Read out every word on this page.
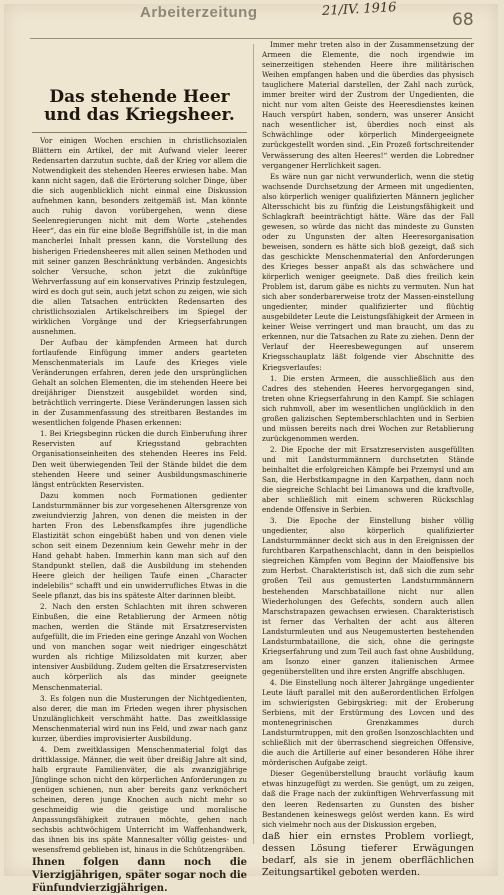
Arbeiterzeitung	21/IV. 1916
68
Das stehende Heer und das Kriegsheer.

Vor einigen Wochen erschien in christlichsozialen Blättern ein Artikel, der mit Aufwand vieler leerer Redensarten darzutun suchte, daß der Krieg vor allem die Notwendigkeit des stehenden Heeres erwiesen habe. Man kann nicht sagen, daß die Erörterung solcher Dinge, über die sich augenblicklich nicht einmal eine Diskussion aufnehmen kann, besonders zeitgemäß ist. Man könnte auch ruhig davon vorübergehen, wenn diese Seelenregierungen nicht mit dem Worte „stehendes Heer“, das ein für eine bloße Begriffshülle ist, in die man mancherlei Inhalt pressen kann, die Vorstellung des bisherigen Friedensheeres mit allen seinen Methoden und mit seiner ganzen Beschränktung verbänden. Angesichts solcher Versuche, schon jetzt die zukünftige Wehrverfassung auf ein konservatives Prinzip festzulegen, wird es doch gut sein, auch jetzt schon zu zeigen, wie sich die allen Tatsachen entrückten Redensarten des christlichsozialen Artikelschreibers im Spiegel der wirklichen Vorgänge und der Kriegserfahrungen ausnehmen.

Der Aufbau der kämpfenden Armeen hat durch fortlaufende Einfügung immer anders gearteten Menschenmaterials im Laufe des Krieges viele Veränderungen erfahren, deren jede den ursprünglichen Gehalt an solchen Elementen, die im stehenden Heere bei dreijähriger Dienstzeit ausgebildet worden sind, beträchtlich verringerte. Diese Veränderungen lassen sich in der Zusammenfassung des streitbaren Bestandes im wesentlichen folgende Phasen erkennen:

1. Bei Kriegsbeginn rücken die durch Einberufung ihrer Reservisten auf Kriegsstand gebrachten Organisationseinheiten des stehenden Heeres ins Feld. Den weit überwiegenden Teil der Stände bildet die dem stehenden Heere und seiner Ausbildungsmaschinerie längst entrückten Reservisten.

Dazu kommen noch Formationen gedienter Landsturmmänner bis zur vorgesehenen Altersgrenze von zweiundvierzig Jahren, von denen die meisten in der harten Fron des Lebensfkampfes ihre jugendliche Elastizität schon eingebüßt haben und von denen viele schon seit einem Dezennium kein Gewehr mehr in der Hand gehabt haben. Immerhin kann man sich auf den Standpunkt stellen, daß die Ausbildung im stehenden Heere gleich der heiligen Taufe einen „Character indelebilis“ schafft und ein unwiderrufliches Etwas in die Seele pflanzt, das bis ins späteste Alter darinnen bleibt.

2. Nach den ersten Schlachten mit ihren schweren Einbußen, die eine Retablierung der Armeen nötig machen, werden die Stände mit Ersatzreservisten aufgefüllt, die im Frieden eine geringe Anzahl von Wochen und von manchen sogar weit niedriger eingeschätzt wurden als richtige Milizsoldaten mit kurzer, aber intensiver Ausbildung. Zudem gelten die Ersatzreservisten auch körperlich als das minder geeignete Menschenmaterial.

3. Es folgen nun die Musterungen der Nichtgedienten, also derer, die man im Frieden wegen ihrer physischen Unzulänglichkeit verschmäht hatte. Das zweitklassige Menschenmaterial wird nun ins Feld, und zwar nach ganz kurzer, überdies improvisierter Ausbildung.

4. Dem zweitklassigen Menschenmaterial folgt das drittklassige. Männer, die weit über dreißig Jahre alt sind, halb ergraute Familienväter, die als zwanzigjährige Jünglinge schon nicht den körperlichen Anforderungen zu genügen schienen, nun aber bereits ganz verknöchert scheinen, deren junge Knochen auch nicht mehr so geschmeidig wie die geistige und moralische Anpassungsfähigkeit zutrauen möchte, gehen nach sechsbis achtwöchigem Unterricht im Waffenhandwerk, das ihnen bis ins späte Mannesalter völlig geistes- und wesensfremd geblieben ist, hinaus in die Schützengräben.

Ihnen folgen dann noch die Vierzigjährigen, später sogar noch die Fünfundvierzigjährigen.

Immer mehr treten also in der Zusammensetzung der Armeen die Elemente, die noch irgendwie im seinerzeitigen stehenden Heere ihre militärischen Weihen empfangen haben und die überdies das physisch tauglichere Material darstellen, der Zahl nach zurück, immer breiter wird der Zustrom der Ungedienten, die nicht nur vom alten Geiste des Heeresdienstes keinen Hauch verspürt haben, sondern, was unserer Ansicht nach wesentlicher ist, überdies noch einst als Schwächlinge oder körperlich Mindergeeignete zurückgestellt worden sind. „Ein Prozeß fortschreitender Verwässerung des alten Heeres!“ werden die Lobredner vergangener Herrlichkeit sagen.

Es wäre nun gar nicht verwunderlich, wenn die stetig wachsende Durchsetzung der Armeen mit ungedienten, also körperlich weniger qualifizierten Männern jeglicher Altersschicht bis zu fünfzig die Leistungsfähigkeit und Schlagkraft beeinträchtigt hätte. Wäre das der Fall gewesen, so würde das nicht das mindeste zu Gunsten oder zu Ungunsten der alten Heeresorganisation beweisen, sondern es hätte sich bloß gezeigt, daß sich das geschickte Menschenmaterial den Anforderungen des Krieges besser anpaßt als das schwächere und körperlich weniger geeignete. Daß dies freilich kein Problem ist, darum gäbe es nichts zu vermuten. Nun hat sich aber sonderbarerweise trotz der Massen-einstellung ungedienter, minder qualifizierter und flüchtig ausgebildeter Leute die Leistungsfähigkeit der Armeen in keiner Weise verringert und man braucht, um das zu erkennen, nur die Tatsachen zu Rate zu ziehen. Denn der Verlauf der Heeresbewegungen auf unserem Kriegsschauplatz läßt folgende vier Abschnitte des Kriegsverlaufes:

1. Die ersten Armeen, die ausschließlich aus den Cadres des stehenden Heeres hervorgegangen sind, treten ohne Kriegserfahrung in den Kampf. Sie schlagen sich ruhmvoll, aber im wesentlichen unglücklich in den großen galizischen Septemberschlachten und in Serbien und müssen bereits nach drei Wochen zur Retablierung zurückgenommen werden.

2. Die Epoche der mit Ersatzreservisten ausgefüllten und mit Landsturmmännern durchsetzten Stände beinhaltet die erfolgreichen Kämpfe bei Przemysl und am San, die Herbstkampagne in den Karpathen, dann noch die siegreiche Schlacht bei Limanowa und die kraftvolle, aber schließlich mit einem schweren Rückschlag endende Offensive in Serbien.

3. Die Epoche der Einstellung bisher völlig ungedienter, also körperlich qualifizierter Landsturmmänner deckt sich aus in den Ereignissen der furchtbaren Karpathenschlacht, dann in den beispiellos siegreichen Kämpfen vom Beginn der Maioffensive bis zum Herbst. Charakteristisch ist, daß sich die zum sehr großen Teil aus gemusterten Landsturmmännern bestehenden Marschbataillone nicht nur allen Wiederholungen des Gefechts, sondern auch allen Marschstrapazen gewachsen erwiesen. Charakteristisch ist ferner das Verhalten der acht aus älteren Landsturmleuten und aus Neugemusterten bestehenden Landsturmbataillone, die sich, ohne die geringste Kriegserfahrung und zum Teil auch fast ohne Ausbildung, am Isonzo einer ganzen italienischen Armee gegenüberstellten und ihre ersten Angriffe abschlugen.

4. Die Einstellung noch älterer Jahrgänge ungedienter Leute läuft parallel mit den außerordentlichen Erfolgen im schwierigsten Gebirgskrieg: mit der Eroberung Serbiens, mit der Erstürmung des Lovcen und des montenegrinischen Grenzkammes durch Landsturmtruppen, mit den großen Isonzoschlachten und schließlich mit der überraschend siegreichen Offensive, die auch die Artillerie auf einer besonderen Höhe ihrer mörderischen Aufgabe zeigt.

Dieser Gegenüberstellung braucht vorläufig kaum etwas hinzugefügt zu werden. Sie genügt, um zu zeigen, daß die Frage nach der zukünftigen Wehrverfassung mit den leeren Redensarten zu Gunsten des bisher Bestandenen keineswegs gelöst werden kann. Es wird sich vielmehr noch aus der Diskussion ergeben,

daß hier ein ernstes Problem vorliegt, dessen Lösung tieferer Erwägungen bedarf, als sie in jenem oberflächlichen Zeitungsartikel geboten werden.
